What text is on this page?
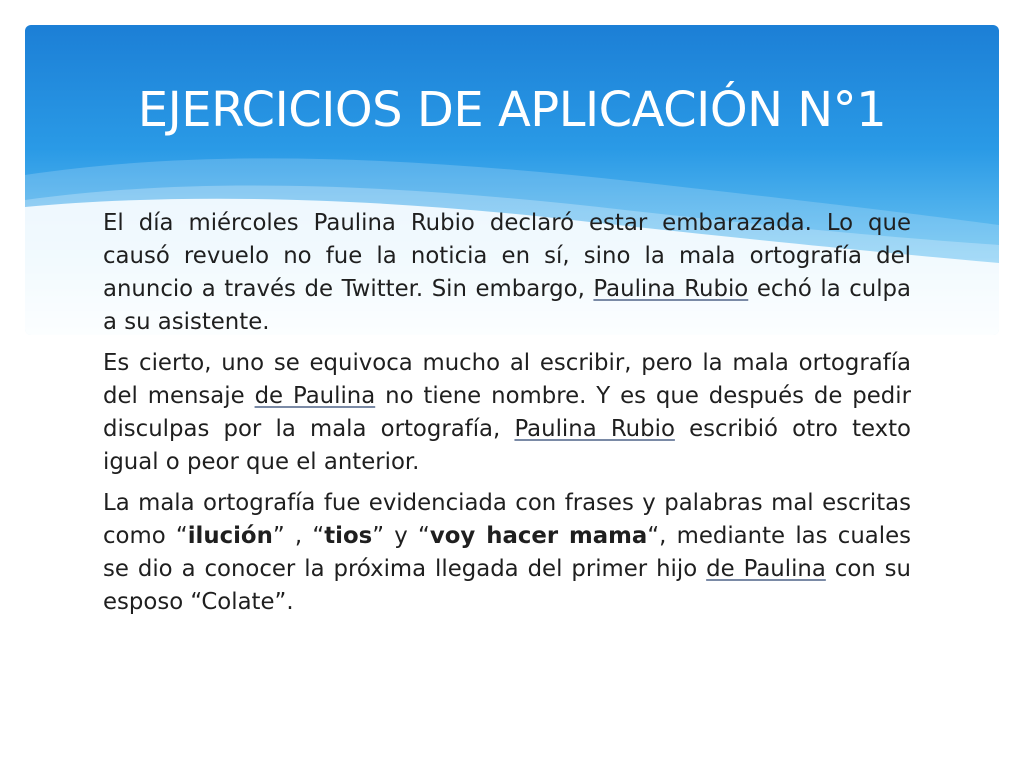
EJERCICIOS DE APLICACIÓN N°1

El día miércoles Paulina Rubio declaró estar embarazada. Lo que causó revuelo no fue la noticia en sí, sino la mala ortografía del anuncio a través de Twitter. Sin embargo, Paulina Rubio echó la culpa a su asistente.

Es cierto, uno se equivoca mucho al escribir, pero la mala ortografía del mensaje de Paulina no tiene nombre. Y es que después de pedir disculpas por la mala ortografía, Paulina Rubio escribió otro texto igual o peor que el anterior.

La mala ortografía fue evidenciada con frases y palabras mal escritas como “ilución” , “tios” y “voy hacer mama“, mediante las cuales se dio a conocer la próxima llegada del primer hijo de Paulina con su esposo “Colate”.
